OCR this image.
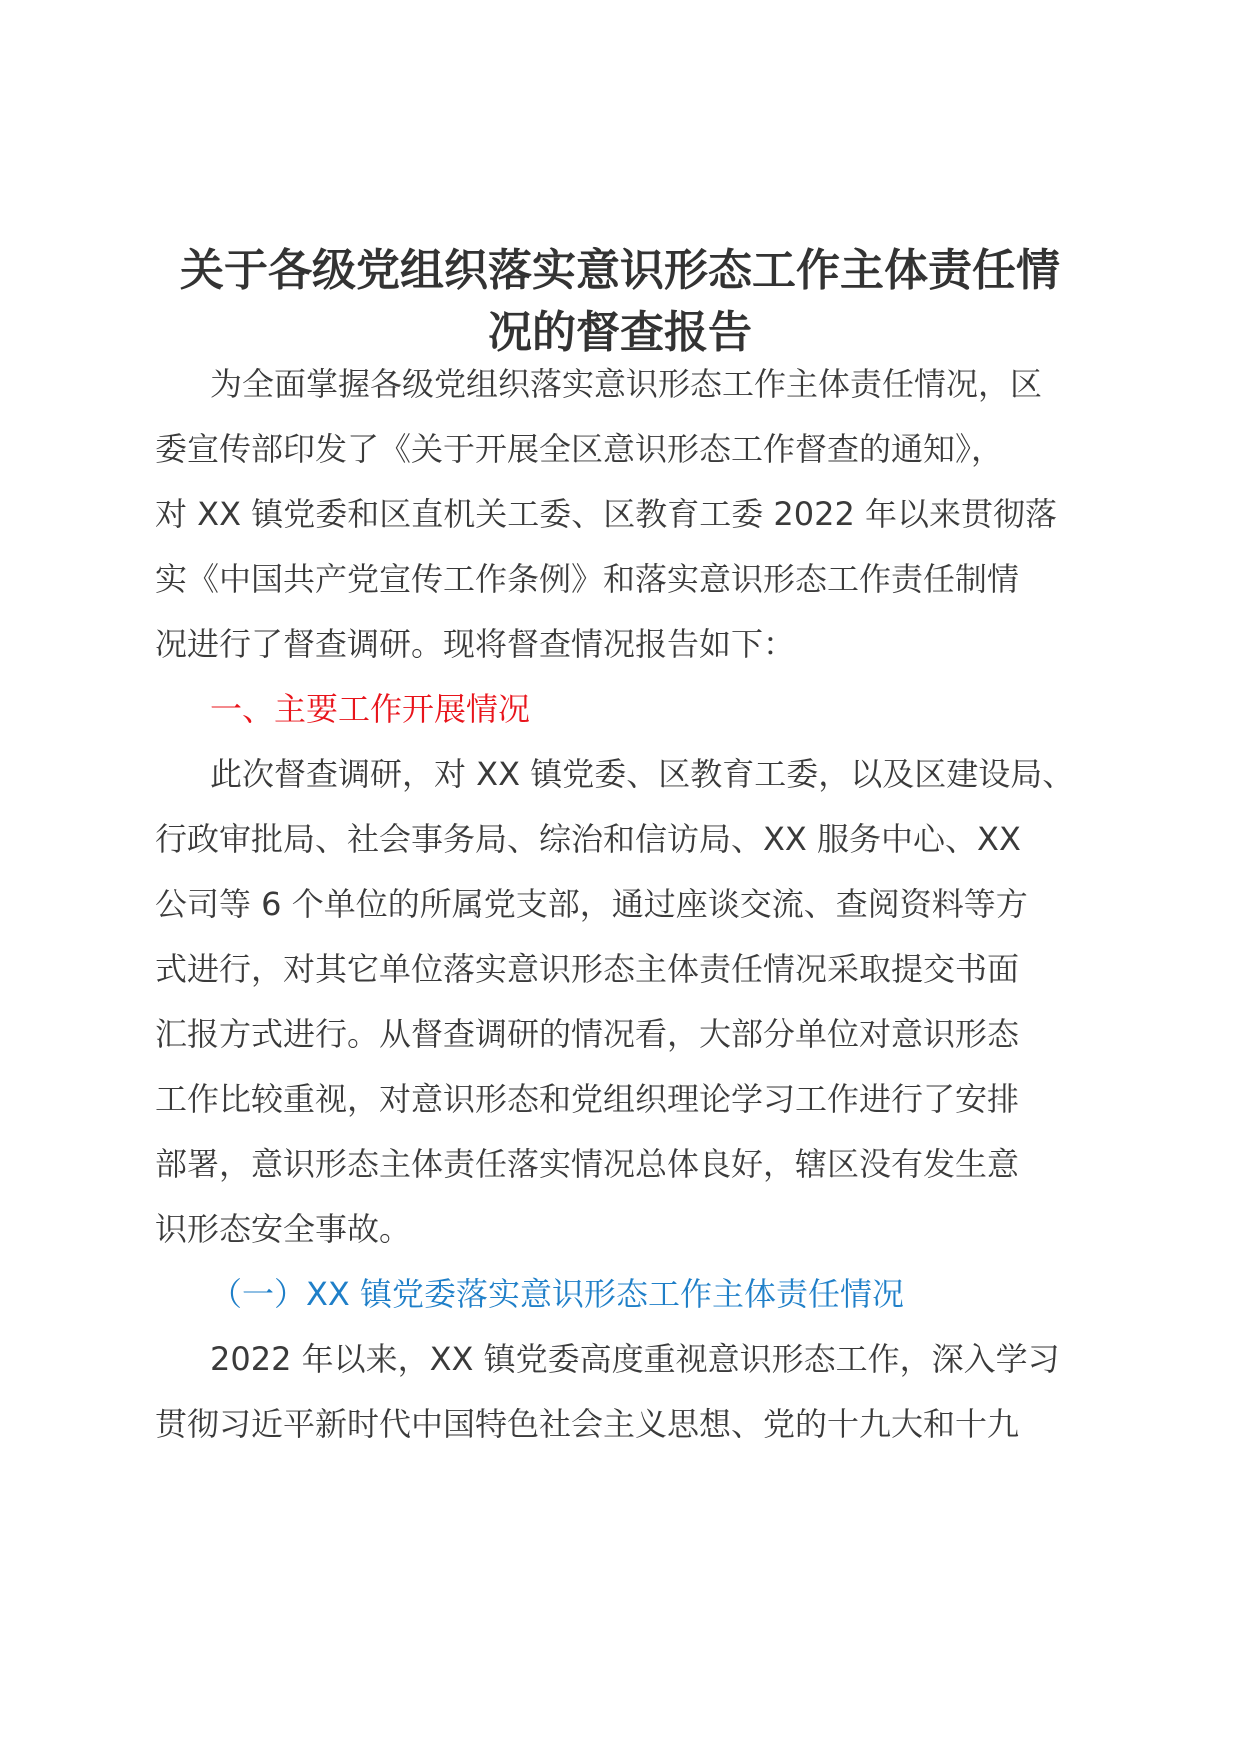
关于各级党组织落实意识形态工作主体责任情
况的督查报告
为全面掌握各级党组织落实意识形态工作主体责任情况，区
委宣传部印发了《关于开展全区意识形态工作督查的通知》，
对 XX 镇党委和区直机关工委、区教育工委 2022 年以来贯彻落
实《中国共产党宣传工作条例》和落实意识形态工作责任制情
况进行了督查调研。现将督查情况报告如下：
一、主要工作开展情况
此次督查调研，对 XX 镇党委、区教育工委，以及区建设局、
行政审批局、社会事务局、综治和信访局、XX 服务中心、XX
公司等 6 个单位的所属党支部，通过座谈交流、查阅资料等方
式进行，对其它单位落实意识形态主体责任情况采取提交书面
汇报方式进行。从督查调研的情况看，大部分单位对意识形态
工作比较重视，对意识形态和党组织理论学习工作进行了安排
部署，意识形态主体责任落实情况总体良好，辖区没有发生意
识形态安全事故。
（一）XX 镇党委落实意识形态工作主体责任情况
2022 年以来，XX 镇党委高度重视意识形态工作，深入学习
贯彻习近平新时代中国特色社会主义思想、党的十九大和十九
